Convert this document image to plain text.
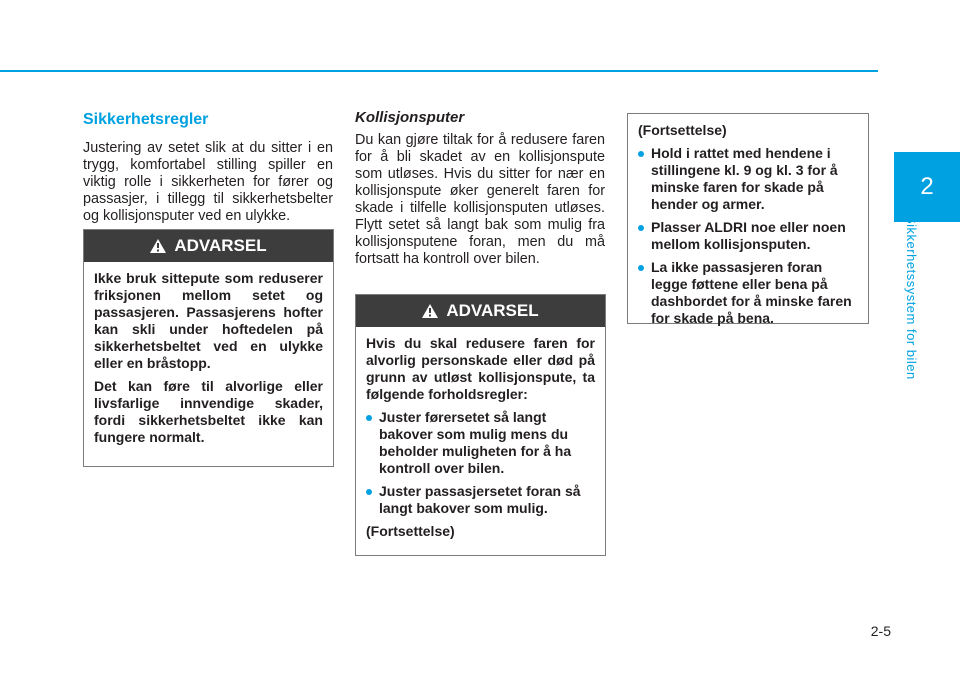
2
Sikkerhetssystem for bilen
Sikkerhetsregler

Justering av setet slik at du sitter i en trygg, komfortabel stilling spiller en viktig rolle i sikkerheten for fører og passasjer, i tillegg til sikkerhetsbelter og kollisjonsputer ved en ulykke.

ADVARSEL

Ikke bruk sittepute som reduserer friksjonen mellom setet og passasjeren. Passasjerens hofter kan skli under hoftedelen på sikkerhetsbeltet ved en ulykke eller en bråstopp.

Det kan føre til alvorlige eller livsfarlige innvendige skader, fordi sikkerhetsbeltet ikke kan fungere normalt.

Kollisjonsputer

Du kan gjøre tiltak for å redusere faren for å bli skadet av en kollisjonspute som utløses. Hvis du sitter for nær en kollisjonspute øker generelt faren for skade i tilfelle kollisjonsputen utløses. Flytt setet så langt bak som mulig fra kollisjonsputene foran, men du må fortsatt ha kontroll over bilen.

ADVARSEL

Hvis du skal redusere faren for alvorlig personskade eller død på grunn av utløst kollisjonspute, ta følgende forholdsregler:

Juster førersetet så langt bakover som mulig mens du beholder muligheten for å ha kontroll over bilen.
Juster passasjersetet foran så langt bakover som mulig.

(Fortsettelse)

(Fortsettelse)

Hold i rattet med hendene i stillingene kl. 9 og kl. 3 for å minske faren for skade på hender og armer.
Plasser ALDRI noe eller noen mellom kollisjonsputen.
La ikke passasjeren foran legge føttene eller bena på dashbordet for å minske faren for skade på bena.
2-5
